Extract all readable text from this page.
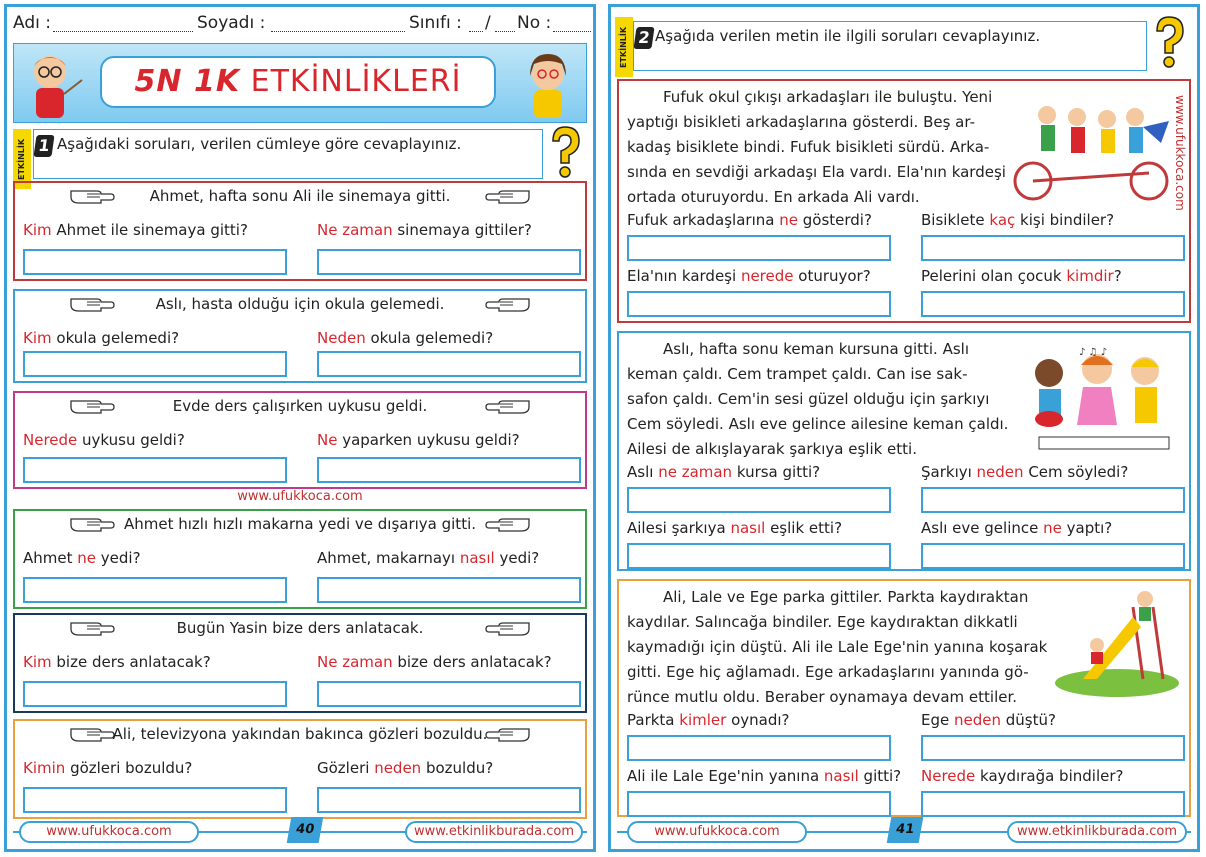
Adı :	Soyadı :	Sınıfı : / No :
5N 1K ETKİNLİKLERİ
ETKİNLİK 1 Aşağıdaki soruları, verilen cümleye göre cevaplayınız.
Ahmet, hafta sonu Ali ile sinemaya gitti.
Kim Ahmet ile sinemaya gitti?	Ne zaman sinemaya gittiler?
Aslı, hasta olduğu için okula gelemedi.
Kim okula gelemedi?	Neden okula gelemedi?
Evde ders çalışırken uykusu geldi.
Nerede uykusu geldi?	Ne yaparken uykusu geldi?
Ahmet hızlı hızlı makarna yedi ve dışarıya gitti.
Ahmet ne yedi?	Ahmet, makarnayı nasıl yedi?
Bugün Yasin bize ders anlatacak.
Kim bize ders anlatacak?	Ne zaman bize ders anlatacak?
Ali, televizyona yakından bakınca gözleri bozuldu.
Kimin gözleri bozuldu?	Gözleri neden bozuldu?
www.ufukkoca.com
www.ufukkoca.com	40	www.etkinlikburada.com
ETKİNLİK 2 Aşağıda verilen metin ile ilgili soruları cevaplayınız.
Fufuk okul çıkışı arkadaşları ile buluştu. Yeni
yaptığı bisikleti arkadaşlarına gösterdi. Beş ar-
kadaş bisiklete bindi. Fufuk bisikleti sürdü. Arka-
sında en sevdiği arkadaşı Ela vardı. Ela'nın kardeşi
ortada oturuyordu. En arkada Ali vardı.
Fufuk arkadaşlarına ne gösterdi?	Bisiklete kaç kişi bindiler?
Ela'nın kardeşi nerede oturuyor?	Pelerini olan çocuk kimdir?
www.ufukkoca.com
♪ ♫ ♪
Aslı, hafta sonu keman kursuna gitti. Aslı
keman çaldı. Cem trampet çaldı. Can ise sak-
safon çaldı. Cem'in sesi güzel olduğu için şarkıyı
Cem söyledi. Aslı eve gelince ailesine keman çaldı.
Ailesi de alkışlayarak şarkıya eşlik etti.
Aslı ne zaman kursa gitti?	Şarkıyı neden Cem söyledi?
Ailesi şarkıya nasıl eşlik etti?	Aslı eve gelince ne yaptı?
Ali, Lale ve Ege parka gittiler. Parkta kaydıraktan
kaydılar. Salıncağa bindiler. Ege kaydıraktan dikkatli
kaymadığı için düştü. Ali ile Lale Ege'nin yanına koşarak
gitti. Ege hiç ağlamadı. Ege arkadaşlarını yanında gö-
rünce mutlu oldu. Beraber oynamaya devam ettiler.
Parkta kimler oynadı?	Ege neden düştü?
Ali ile Lale Ege'nin yanına nasıl gitti? Nerede kaydırağa bindiler?
www.ufukkoca.com	41	www.etkinlikburada.com
